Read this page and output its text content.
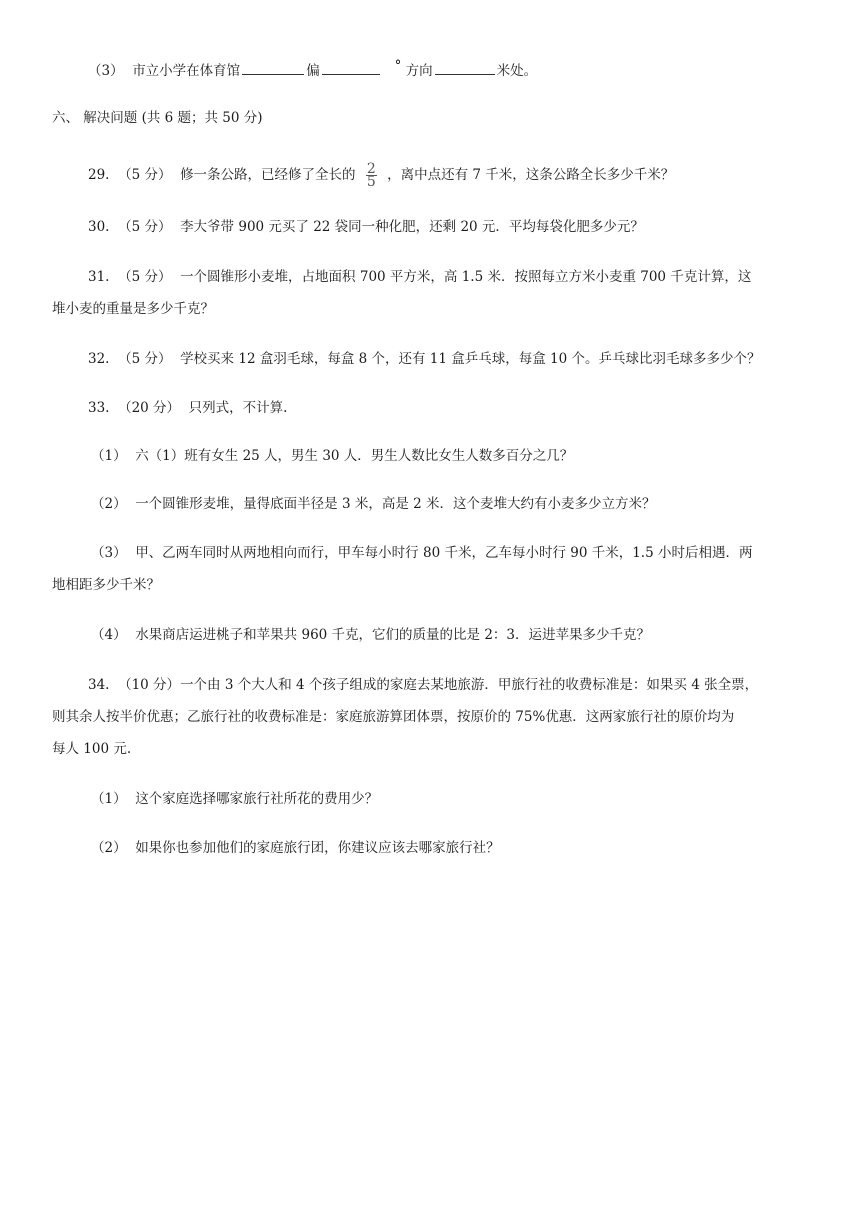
（3） 市立小学在体育馆	偏	° 方向	米处。
六、 解决问题 (共 6 题；共 50 分)
29. （5 分） 修一条公路，已经修了全长的 $\frac{2}{5}$ ，离中点还有 7 千米，这条公路全长多少千米？
30. （5 分） 李大爷带 900 元买了 22 袋同一种化肥，还剩 20 元．平均每袋化肥多少元？
31. （5 分） 一个圆锥形小麦堆，占地面积 700 平方米，高 1.5 米．按照每立方米小麦重 700 千克计算，这
堆小麦的重量是多少千克？
32. （5 分） 学校买来 12 盒羽毛球，每盒 8 个，还有 11 盒乒乓球，每盒 10 个。乒乓球比羽毛球多多少个？
33. （20 分） 只列式，不计算.
（1） 六（1）班有女生 25 人，男生 30 人．男生人数比女生人数多百分之几？
（2） 一个圆锥形麦堆，量得底面半径是 3 米，高是 2 米．这个麦堆大约有小麦多少立方米？
（3） 甲、乙两车同时从两地相向而行，甲车每小时行 80 千米，乙车每小时行 90 千米，1.5 小时后相遇．两
地相距多少千米？
（4） 水果商店运进桃子和苹果共 960 千克，它们的质量的比是 2：3．运进苹果多少千克？
34. （10 分）一个由 3 个大人和 4 个孩子组成的家庭去某地旅游．甲旅行社的收费标准是：如果买 4 张全票，
则其余人按半价优惠；乙旅行社的收费标准是：家庭旅游算团体票，按原价的 75%优惠．这两家旅行社的原价均为
每人 100 元.
（1） 这个家庭选择哪家旅行社所花的费用少？
（2） 如果你也参加他们的家庭旅行团，你建议应该去哪家旅行社？
